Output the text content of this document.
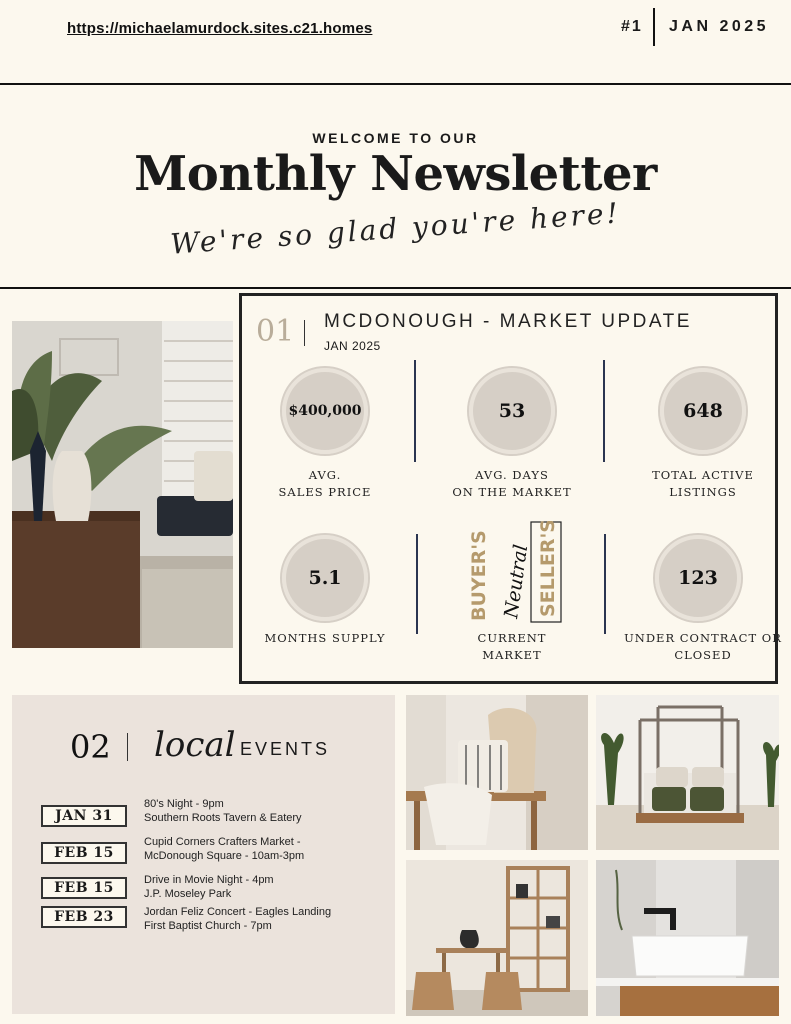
https://michaelamurdock.sites.c21.homes	#1 JAN 2025
WELCOME TO OUR
Monthly Newsletter
We're so glad you're here!
01 MCDONOUGH - MARKET UPDATE
JAN 2025
$400,000
AVG.
SALES PRICE
53
AVG. DAYS
ON THE MARKET
648
TOTAL ACTIVE
LISTINGS
5.1
MONTHS SUPPLY
BUYER'S Neutral SELLER'S
CURRENT
MARKET
123
UNDER CONTRACT OR
CLOSED
02 local EVENTS
JAN 31
80's Night - 9pm
Southern Roots Tavern & Eatery
FEB 15
Cupid Corners Crafters Market -
McDonough Square - 10am-3pm
FEB 15	Drive in Movie Night - 4pm
J.P. Moseley Park
FEB 23	Jordan Feliz Concert - Eagles Landing
First Baptist Church - 7pm
